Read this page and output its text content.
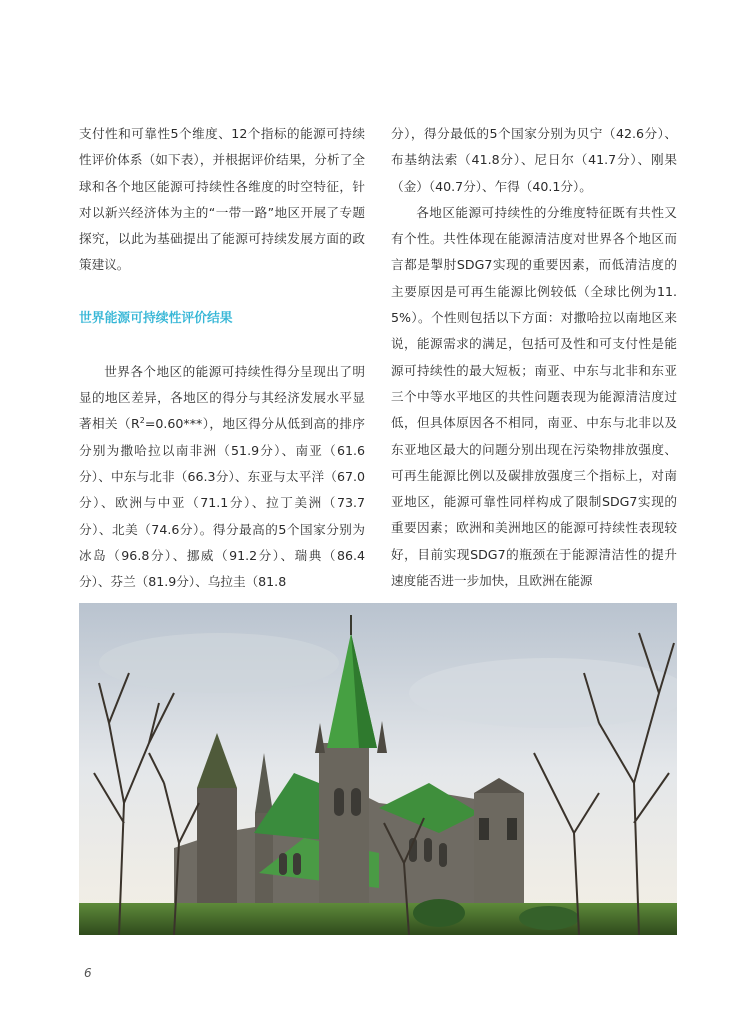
支付性和可靠性5个维度、12个指标的能源可持续性评价体系（如下表），并根据评价结果，分析了全球和各个地区能源可持续性各维度的时空特征，针对以新兴经济体为主的“一带一路”地区开展了专题探究，以此为基础提出了能源可持续发展方面的政策建议。

世界能源可持续性评价结果

世界各个地区的能源可持续性得分呈现出了明显的地区差异，各地区的得分与其经济发展水平显著相关$(R^2=0.60***)$，地区得分从低到高的排序分别为撒哈拉以南非洲（51.9分）、南亚（61.6分）、中东与北非（66.3分）、东亚与太平洋（67.0分）、欧洲与中亚（71.1分）、拉丁美洲（73.7分）、北美（74.6分）。得分最高的5个国家分别为冰岛（96.8分）、挪威（91.2分）、瑞典（86.4分）、芬兰（81.9分）、乌拉圭（81.8

分），得分最低的5个国家分别为贝宁（42.6分）、布基纳法索（41.8分）、尼日尔（41.7分）、刚果（金）（40.7分）、乍得（40.1分）。

各地区能源可持续性的分维度特征既有共性又有个性。共性体现在能源清洁度对世界各个地区而言都是掣肘SDG7实现的重要因素，而低清洁度的主要原因是可再生能源比例较低（全球比例为11.5%）。个性则包括以下方面：对撒哈拉以南地区来说，能源需求的满足，包括可及性和可支付性是能源可持续性的最大短板；南亚、中东与北非和东亚三个中等水平地区的共性问题表现为能源清洁度过低，但具体原因各不相同，南亚、中东与北非以及东亚地区最大的问题分别出现在污染物排放强度、可再生能源比例以及碳排放强度三个指标上，对南亚地区，能源可靠性同样构成了限制SDG7实现的重要因素；欧洲和美洲地区的能源可持续性表现较好，目前实现SDG7的瓶颈在于能源清洁性的提升速度能否进一步加快，且欧洲在能源

6
